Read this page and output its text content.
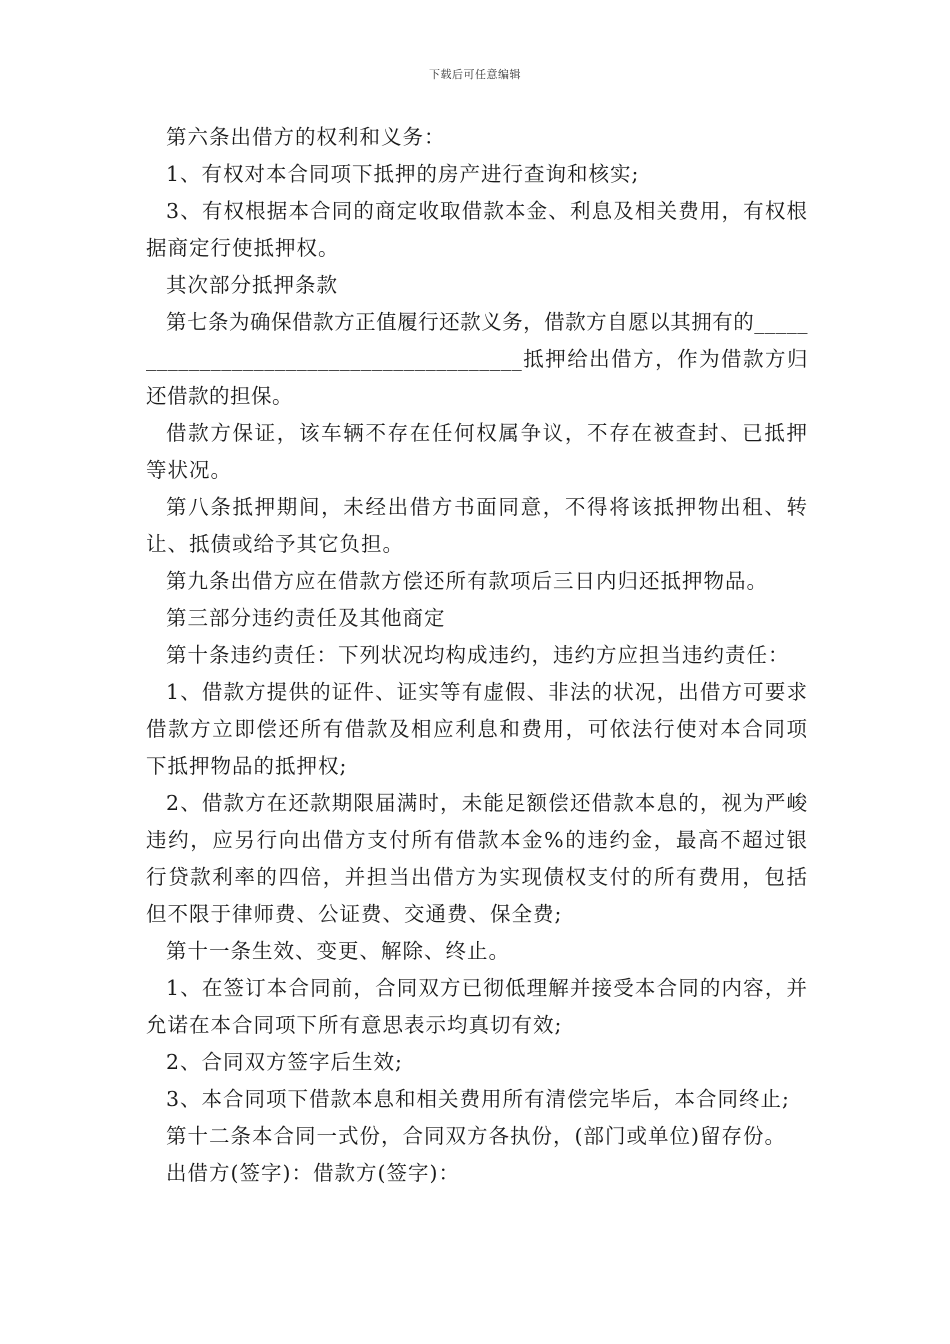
下载后可任意编辑

第六条出借方的权利和义务：

1、有权对本合同项下抵押的房产进行查询和核实;

3、有权根据本合同的商定收取借款本金、利息及相关费用，有权根据商定行使抵押权。

其次部分抵押条款

第七条为确保借款方正值履行还款义务，借款方自愿以其拥有的________________________________________抵押给出借方，作为借款方归还借款的担保。

借款方保证，该车辆不存在任何权属争议，不存在被查封、已抵押等状况。

第八条抵押期间，未经出借方书面同意，不得将该抵押物出租、转让、抵债或给予其它负担。

第九条出借方应在借款方偿还所有款项后三日内归还抵押物品。

第三部分违约责任及其他商定

第十条违约责任：下列状况均构成违约，违约方应担当违约责任：

1、借款方提供的证件、证实等有虚假、非法的状况，出借方可要求借款方立即偿还所有借款及相应利息和费用，可依法行使对本合同项下抵押物品的抵押权;

2、借款方在还款期限届满时，未能足额偿还借款本息的，视为严峻违约，应另行向出借方支付所有借款本金%的违约金，最高不超过银行贷款利率的四倍，并担当出借方为实现债权支付的所有费用，包括但不限于律师费、公证费、交通费、保全费;

第十一条生效、变更、解除、终止。

1、在签订本合同前，合同双方已彻低理解并接受本合同的内容，并允诺在本合同项下所有意思表示均真切有效;

2、合同双方签字后生效;

3、本合同项下借款本息和相关费用所有清偿完毕后，本合同终止;

第十二条本合同一式份，合同双方各执份，(部门或单位)留存份。

出借方(签字)：借款方(签字)：
